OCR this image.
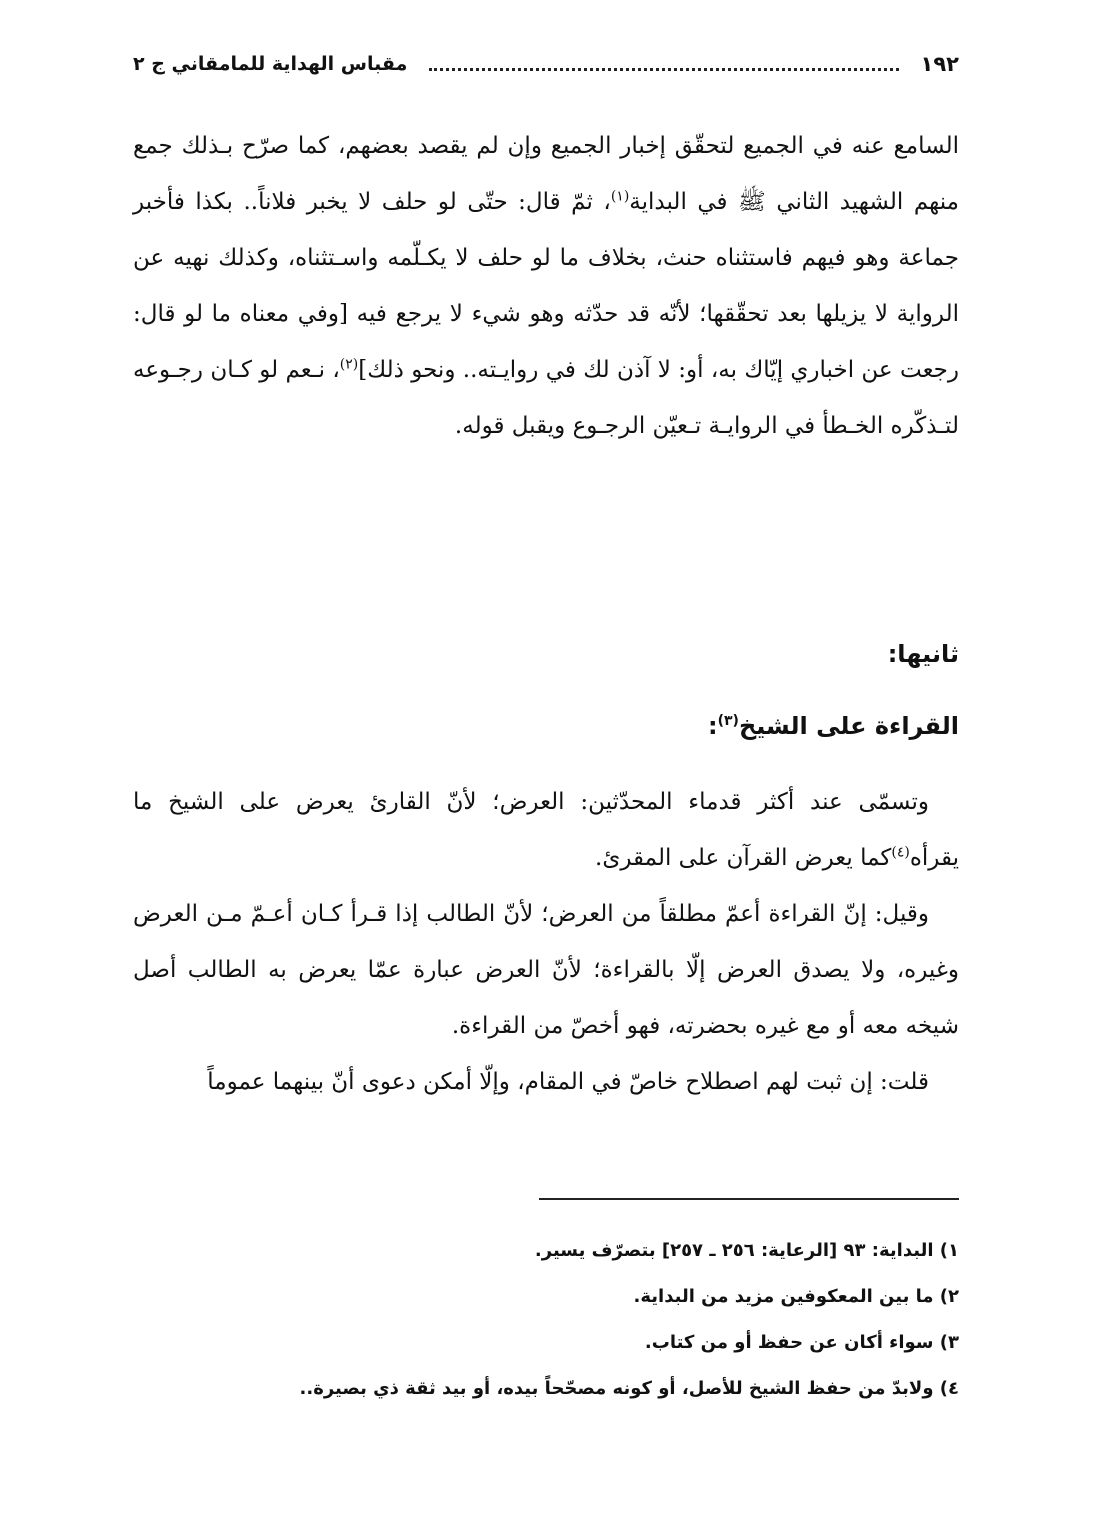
١٩٢
مقباس الهداية للمامقاني ج ٢

السامع عنه في الجميع لتحقّق إخبار الجميع وإن لم يقصد بعضهم، كما صرّح بـذلك جمع منهم الشهيد الثاني ﷺ في البداية$^{(١)}$، ثمّ قال: حتّى لو حلف لا يخبر فلاناً.. بكذا فأخبر جماعة وهو فيهم فاستثناه حنث، بخلاف ما لو حلف لا يكـلّمه واسـتثناه، وكذلك نهيه عن الرواية لا يزيلها بعد تحقّقها؛ لأنّه قد حدّثه وهو شيء لا يرجع فيه [وفي معناه ما لو قال: رجعت عن اخباري إيّاك به، أو: لا آذن لك في روايـته.. ونحو ذلك]$^{(٢)}$، نـعم لو كـان رجـوعه لتـذكّره الخـطأ في الروايـة تـعيّن الرجـوع ويقبل قوله.

ثانيها:
القراءة على الشيخ$^{(٣)}$:

وتسمّى عند أكثر قدماء المحدّثين: العرض؛ لأنّ القارئ يعرض على الشيخ ما يقرأه$^{(٤)}$كما يعرض القرآن على المقرئ.

وقيل: إنّ القراءة أعمّ مطلقاً من العرض؛ لأنّ الطالب إذا قـرأ كـان أعـمّ مـن العرض وغيره، ولا يصدق العرض إلّا بالقراءة؛ لأنّ العرض عبارة عمّا يعرض به الطالب أصل شيخه معه أو مع غيره بحضرته، فهو أخصّ من القراءة.

قلت: إن ثبت لهم اصطلاح خاصّ في المقام، وإلّا أمكن دعوى أنّ بينهما عموماً

١) البداية: ٩٣ [الرعاية: ٢٥٦ ـ ٢٥٧] بتصرّف يسير.

٢) ما بين المعكوفين مزيد من البداية.

٣) سواء أكان عن حفظ أو من كتاب.

٤) ولابدّ من حفظ الشيخ للأصل، أو كونه مصحّحاً بيده، أو بيد ثقة ذي بصيرة..
